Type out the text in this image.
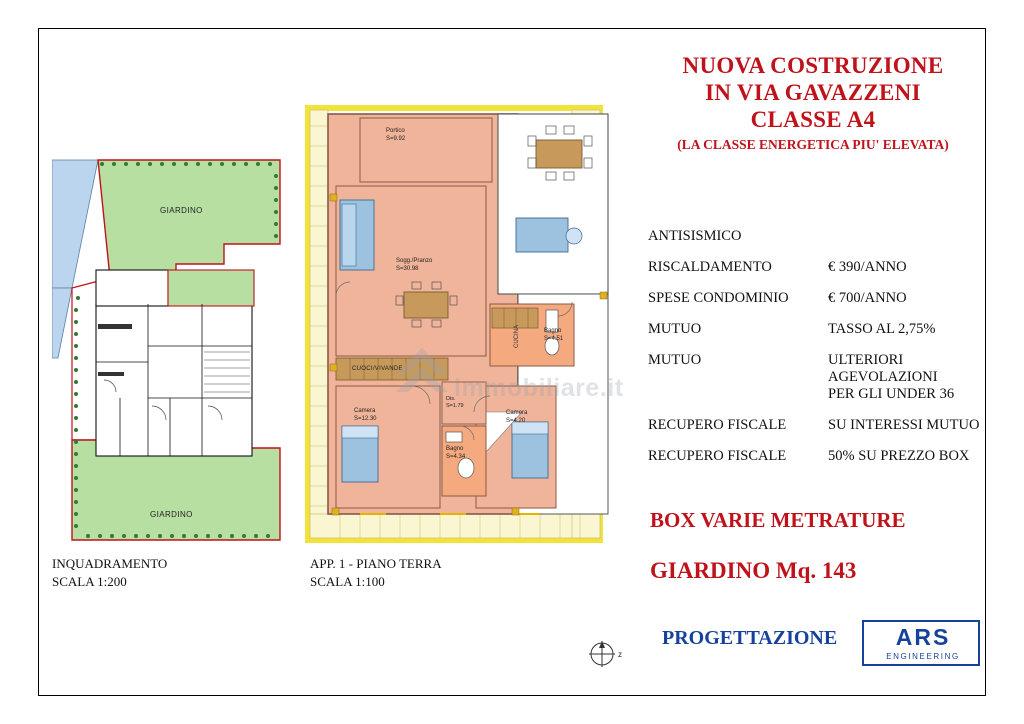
GIARDINO
GIARDINO
INQUADRAMENTO
SCALA 1:200
Portico
S=9.92
Sogg./Pranzo
S=30.98
Camera
S=12.30
Camera
S=4.20
Bagno
S=4.51
Bagno
S=4.34
Dis.
S=1.79
CUOCI/VIVANDE
CUCINA
APP. 1 - PIANO TERRA
SCALA 1:100
immobiliare.it
NUOVA COSTRUZIONE
IN VIA GAVAZZENI
CLASSE A4
(LA CLASSE ENERGETICA PIU' ELEVATA)
ANTISISMICO
RISCALDAMENTO	€ 390/ANNO
SPESE CONDOMINIO	€ 700/ANNO
MUTUO	TASSO AL 2,75%
MUTUO	ULTERIORI
AGEVOLAZIONI
PER GLI UNDER 36
RECUPERO FISCALE	SU INTERESSI MUTUO
RECUPERO FISCALE	50% SU PREZZO BOX
BOX VARIE METRATURE
GIARDINO Mq. 143
PROGETTAZIONE	ARS
ENGINEERING
z
